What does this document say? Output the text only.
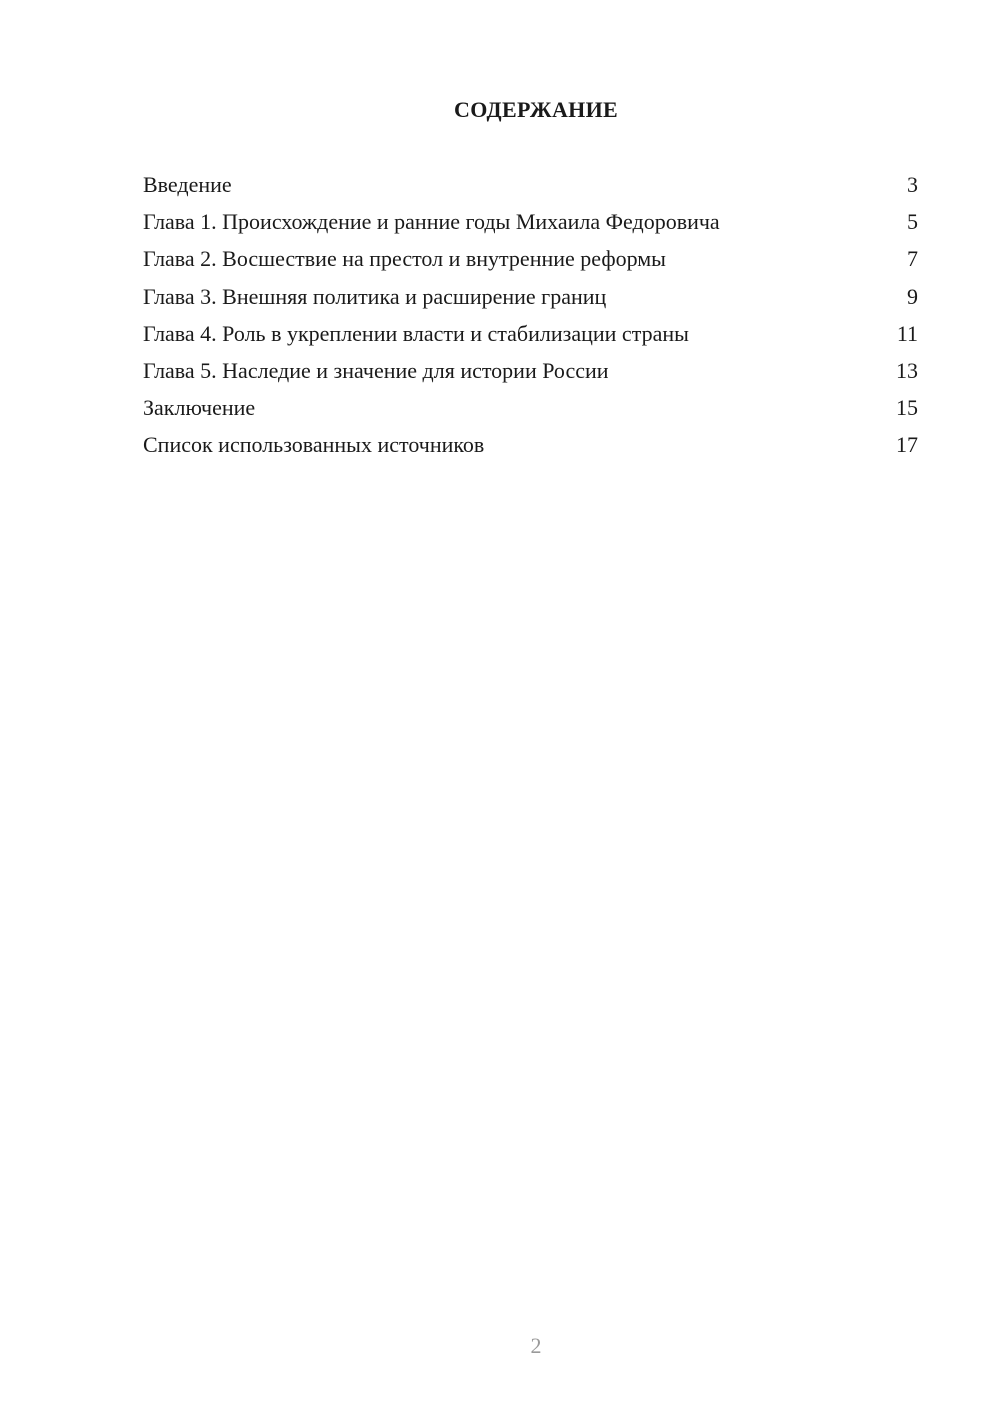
СОДЕРЖАНИЕ
Введение	3
Глава 1. Происхождение и ранние годы Михаила Федоровича	5
Глава 2. Восшествие на престол и внутренние реформы	7
Глава 3. Внешняя политика и расширение границ	9
Глава 4. Роль в укреплении власти и стабилизации страны	11
Глава 5. Наследие и значение для истории России	13
Заключение	15
Список использованных источников	17
2
